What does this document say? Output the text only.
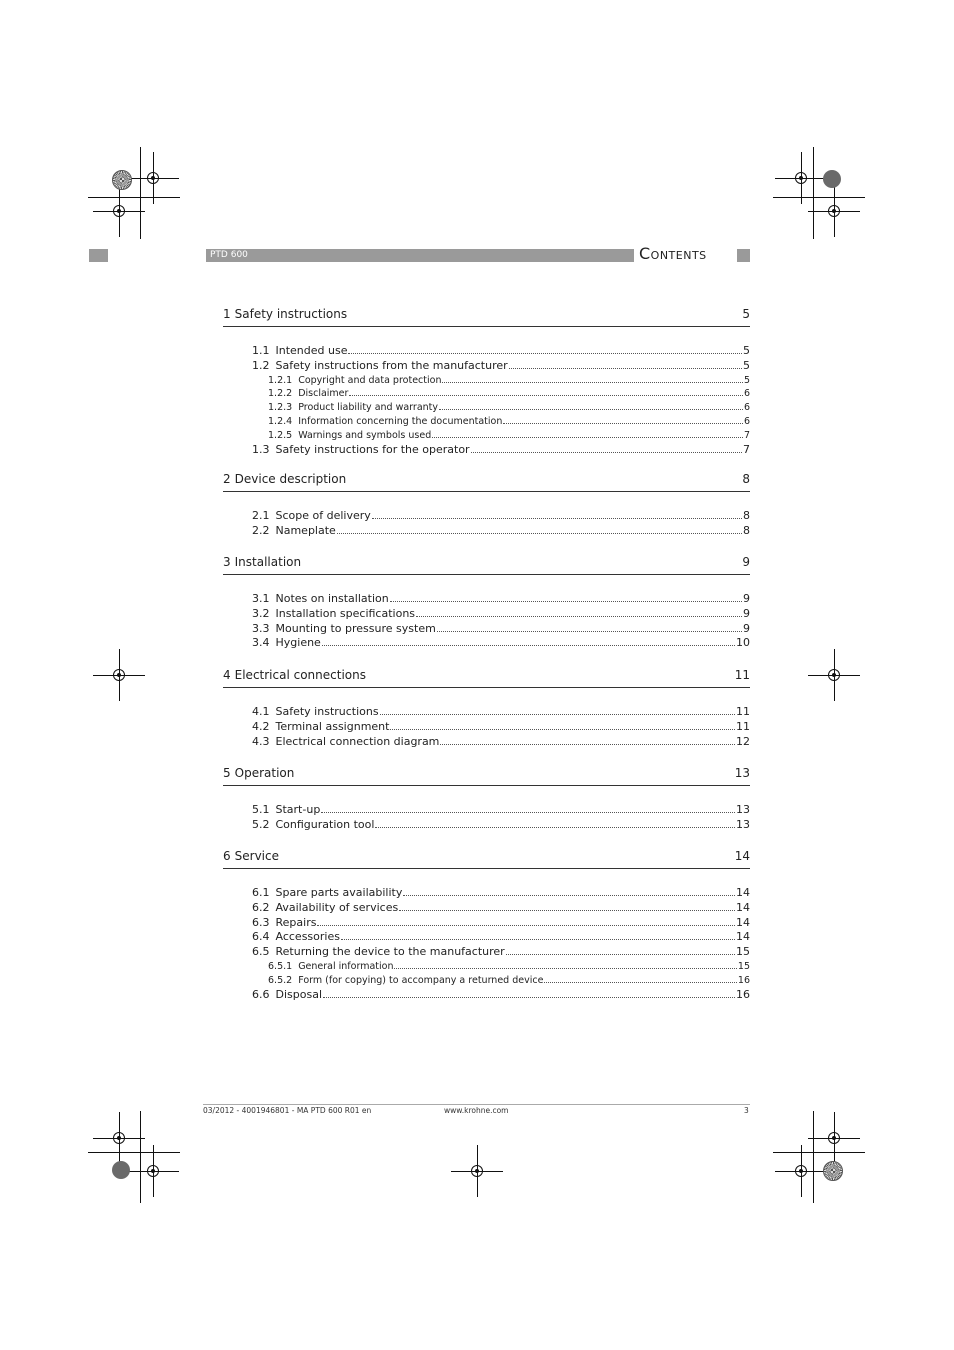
PTD 600	Contents
1 Safety instructions	5
1.1 Intended use	5
1.2 Safety instructions from the manufacturer	5
1.2.1 Copyright and data protection	5
1.2.2 Disclaimer	6
1.2.3 Product liability and warranty	6
1.2.4 Information concerning the documentation	6
1.2.5 Warnings and symbols used	7
1.3 Safety instructions for the operator	7
2 Device description	8
2.1 Scope of delivery	8
2.2 Nameplate	8
3 Installation	9
3.1 Notes on installation	9
3.2 Installation specifications	9
3.3 Mounting to pressure system	9
3.4 Hygiene	10
4 Electrical connections	11
4.1 Safety instructions	11
4.2 Terminal assignment	11
4.3 Electrical connection diagram	12
5 Operation	13
5.1 Start-up	13
5.2 Configuration tool	13
6 Service	14
6.1 Spare parts availability	14
6.2 Availability of services	14
6.3 Repairs	14
6.4 Accessories	14
6.5 Returning the device to the manufacturer	15
6.5.1 General information	15
6.5.2 Form (for copying) to accompany a returned device	16
6.6 Disposal	16
03/2012 - 4001946801 - MA PTD 600 R01 en	www.krohne.com	3
